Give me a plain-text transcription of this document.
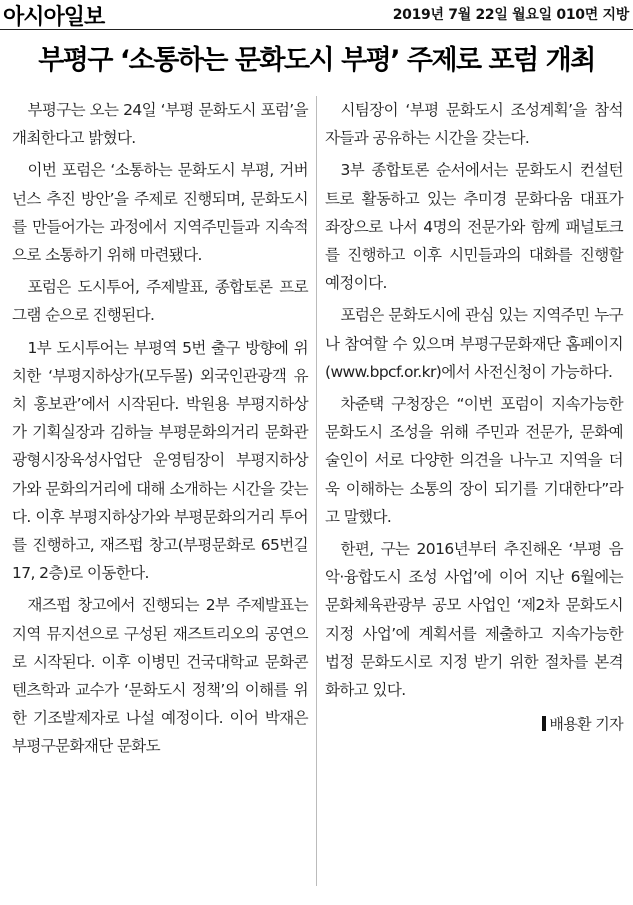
아시아일보	2019년 7월 22일 월요일 010면 지방
부평구 ‘소통하는 문화도시 부평’ 주제로 포럼 개최

부평구는 오는 24일 ‘부평 문화도시 포럼’을 개최한다고 밝혔다.

이번 포럼은 ‘소통하는 문화도시 부평, 거버넌스 추진 방안’을 주제로 진행되며, 문화도시를 만들어가는 과정에서 지역주민들과 지속적으로 소통하기 위해 마련됐다.

포럼은 도시투어, 주제발표, 종합토론 프로그램 순으로 진행된다.

1부 도시투어는 부평역 5번 출구 방향에 위치한 ‘부평지하상가(모두몰) 외국인관광객 유치 홍보관’에서 시작된다. 박원용 부평지하상가 기획실장과 김하늘 부평문화의거리 문화관광형시장육성사업단 운영팀장이 부평지하상가와 문화의거리에 대해 소개하는 시간을 갖는다. 이후 부평지하상가와 부평문화의거리 투어를 진행하고, 재즈펍 창고(부평문화로 65번길 17, 2층)로 이동한다.

재즈펍 창고에서 진행되는 2부 주제발표는 지역 뮤지션으로 구성된 재즈트리오의 공연으로 시작된다. 이후 이병민 건국대학교 문화콘텐츠학과 교수가 ‘문화도시 정책’의 이해를 위한 기조발제자로 나설 예정이다. 이어 박재은 부평구문화재단 문화도

시팀장이 ‘부평 문화도시 조성계획’을 참석자들과 공유하는 시간을 갖는다.

3부 종합토론 순서에서는 문화도시 컨설턴트로 활동하고 있는 추미경 문화다움 대표가 좌장으로 나서 4명의 전문가와 함께 패널토크를 진행하고 이후 시민들과의 대화를 진행할 예정이다.

포럼은 문화도시에 관심 있는 지역주민 누구나 참여할 수 있으며 부평구문화재단 홈페이지(www.bpcf.or.kr)에서 사전신청이 가능하다.

차준택 구청장은 “이번 포럼이 지속가능한 문화도시 조성을 위해 주민과 전문가, 문화예술인이 서로 다양한 의견을 나누고 지역을 더욱 이해하는 소통의 장이 되기를 기대한다”라고 말했다.

한편, 구는 2016년부터 추진해온 ‘부평 음악·융합도시 조성 사업’에 이어 지난 6월에는 문화체육관광부 공모 사업인 ‘제2차 문화도시 지정 사업’에 계획서를 제출하고 지속가능한 법정 문화도시로 지정 받기 위한 절차를 본격화하고 있다.

배용환 기자
